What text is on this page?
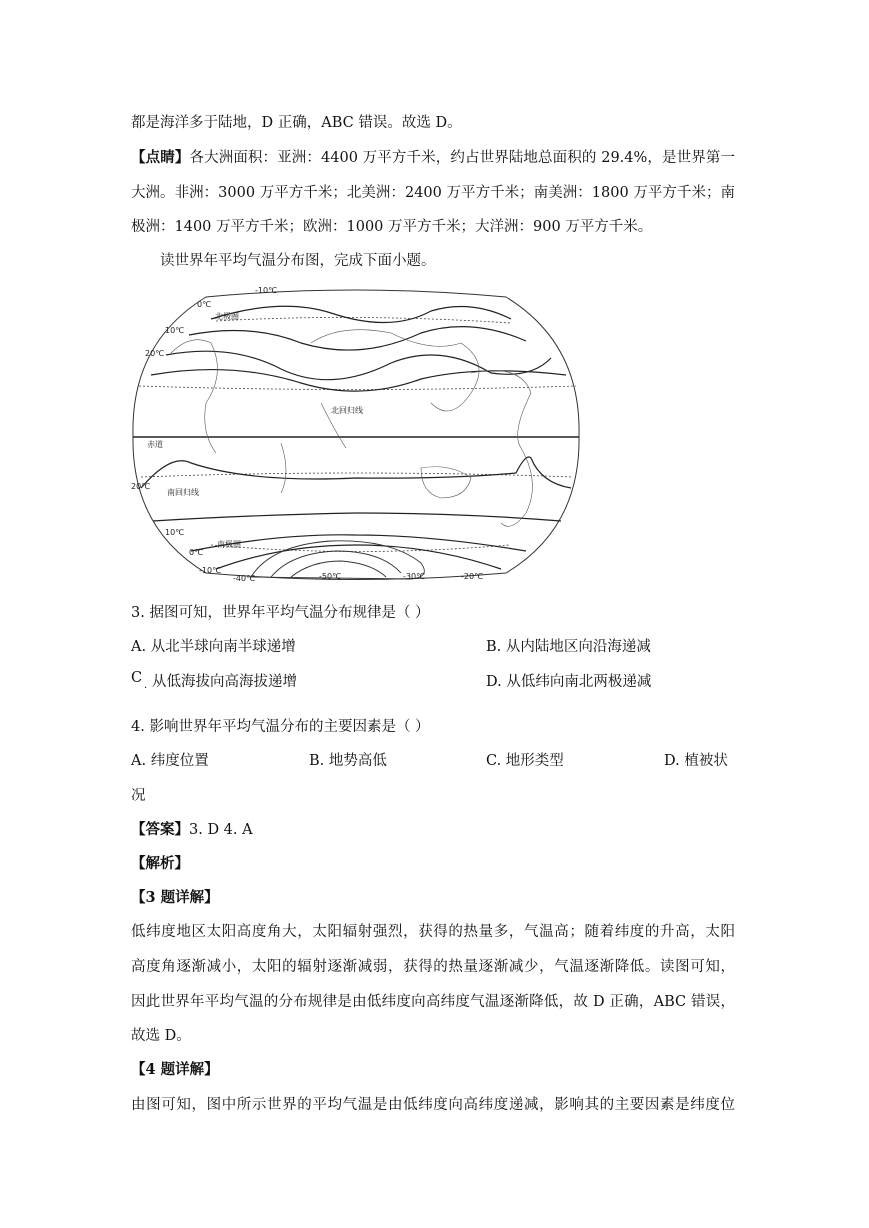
都是海洋多于陆地，D 正确，ABC 错误。故选 D。
【点睛】各大洲面积：亚洲：4400 万平方千米，约占世界陆地总面积的 29.4%，是世界第一
大洲。非洲：3000 万平方千米；北美洲：2400 万平方千米；南美洲：1800 万平方千米；南
极洲：1400 万平方千米；欧洲：1000 万平方千米；大洋洲：900 万平方千米。
读世界年平均气温分布图，完成下面小题。
-10℃
0℃
北极圈
10℃
20℃
北回归线
赤道
20℃
南回归线
10℃
南极圈
0℃
-10℃
-40℃	-50℃	-30℃	-20℃
3. 据图可知，世界年平均气温分布规律是（ ）
A. 从北半球向南半球递增	B. 从内陆地区向沿海递减
C
· 从低海拔向高海拔递增	D. 从低纬向南北两极递减
4. 影响世界年平均气温分布的主要因素是（ ）
A. 纬度位置	B. 地势高低	C. 地形类型	D. 植被状
况
【答案】3. D 4. A
【解析】
【3 题详解】
低纬度地区太阳高度角大，太阳辐射强烈，获得的热量多，气温高；随着纬度的升高，太阳
高度角逐渐减小，太阳的辐射逐渐减弱，获得的热量逐渐减少，气温逐渐降低。读图可知，
因此世界年平均气温的分布规律是由低纬度向高纬度气温逐渐降低，故 D 正确，ABC 错误，
故选 D。
【4 题详解】
由图可知，图中所示世界的平均气温是由低纬度向高纬度递减，影响其的主要因素是纬度位
